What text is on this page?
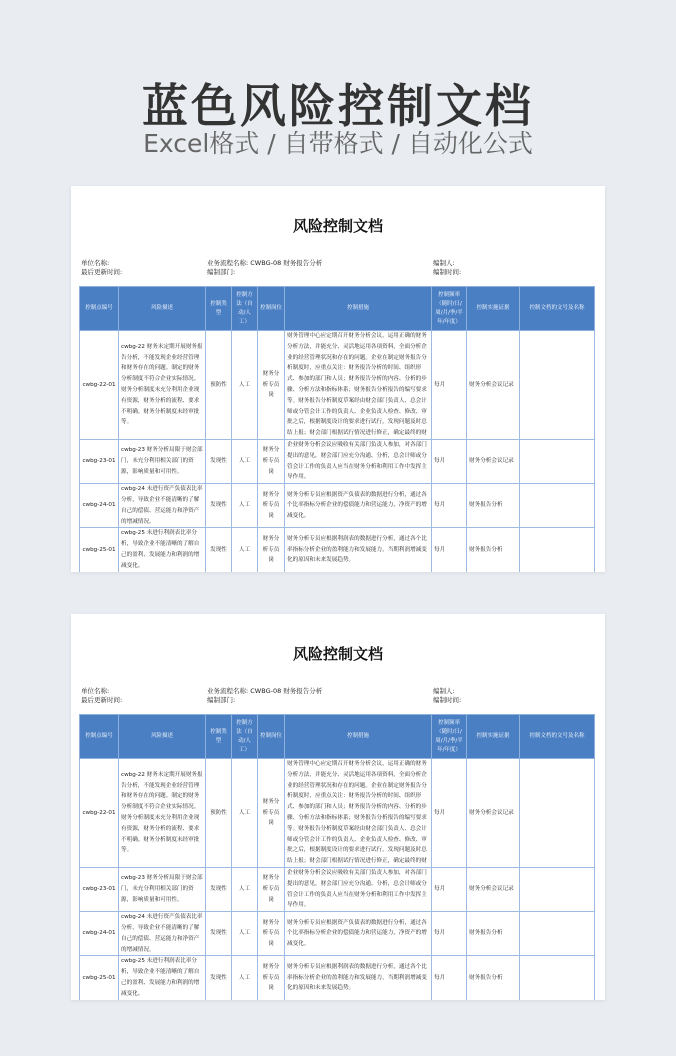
蓝色风险控制文档
Excel格式 / 自带格式 / 自动化公式
风险控制文档
单位名称:	业务流程名称: CWBG-08 财务报告分析	编制人:
最后更新时间:	编制部门:	编制时间:
控制点编号	风险描述	控制类型	控制方法（自动/人工）	控制岗位	控制措施	控制频率（随时/日/周/月/季/半年/年度）	控制实施证据	控制文档的文号及名称
cwbg-22-01	cwbg-22 财务未定期开展财务报告分析，不能发现企业经营管理和财务存在的问题。制定的财务分析制度不符合企业实际情况。财务分析制度未充分利用企业现有资源，财务分析的流程、要求不明确。财务分析制度未经审批等。	预防性	人工	财务分析专员岗	财务管理中心应定期召开财务分析会议，运用正确的财务分析方法，并能充分、灵活地运用各项资料，全面分析企业的经营管理状况和存在的问题。企业在制定财务报告分析制度时，应重点关注：财务报告分析的时间、组织形式、参加的部门和人员；财务报告分析的内容、分析的步骤、分析方法和指标体系；财务报告分析报告的编写要求等。财务报告分析制度草案经由财会部门负责人、总会计师或分管会计工作的负责人、企业负责人检查、修改、审批之后，根据制度设计的要求进行试行，发现问题及时总结上报；财会部门根据试行情况进行修正，确定最终的财	每月	财务分析会议记录	
cwbg-23-01	cwbg-23 财务分析局限于财会部门，未充分利用相关部门的资源，影响质量和可用性。	发现性	人工	财务分析专员岗	企业财务分析会议应吸收有关部门负责人参加，对各部门提出的意见，财会部门应充分沟通、分析，总会计师或分管会计工作的负责人应当在财务分析和利用工作中发挥主导作用。	每月	财务分析会议记录	
cwbg-24-01	cwbg-24 未进行资产负债表比率分析，导致企业不能清晰的了解自己的偿债、营运能力和净资产的增减情况。	发现性	人工	财务分析专员岗	财务分析专员应根据资产负债表的数据进行分析，通过各个比率指标分析企业的偿债能力和营运能力，净资产的增减变化。	每月	财务报告分析	
cwbg-25-01	cwbg-25 未进行利润表比率分析，导致企业不能清晰的了解自己的盈利、发展能力和利润的增减变化。	发现性	人工	财务分析专员岗	财务分析专员应根据利润表的数据进行分析，通过各个比率指标分析企业的盈利能力和发展能力，当期利润增减变化的原因和未来发展趋势。	每月	财务报告分析	
风险控制文档
单位名称:	业务流程名称: CWBG-08 财务报告分析	编制人:
最后更新时间:	编制部门:	编制时间:
控制点编号	风险描述	控制类型	控制方法（自动/人工）	控制岗位	控制措施	控制频率（随时/日/周/月/季/半年/年度）	控制实施证据	控制文档的文号及名称
cwbg-22-01	cwbg-22 财务未定期开展财务报告分析，不能发现企业经营管理和财务存在的问题。制定的财务分析制度不符合企业实际情况。财务分析制度未充分利用企业现有资源，财务分析的流程、要求不明确。财务分析制度未经审批等。	预防性	人工	财务分析专员岗	财务管理中心应定期召开财务分析会议，运用正确的财务分析方法，并能充分、灵活地运用各项资料，全面分析企业的经营管理状况和存在的问题。企业在制定财务报告分析制度时，应重点关注：财务报告分析的时间、组织形式、参加的部门和人员；财务报告分析的内容、分析的步骤、分析方法和指标体系；财务报告分析报告的编写要求等。财务报告分析制度草案经由财会部门负责人、总会计师或分管会计工作的负责人、企业负责人检查、修改、审批之后，根据制度设计的要求进行试行，发现问题及时总结上报；财会部门根据试行情况进行修正，确定最终的财	每月	财务分析会议记录	
cwbg-23-01	cwbg-23 财务分析局限于财会部门，未充分利用相关部门的资源，影响质量和可用性。	发现性	人工	财务分析专员岗	企业财务分析会议应吸收有关部门负责人参加，对各部门提出的意见，财会部门应充分沟通、分析，总会计师或分管会计工作的负责人应当在财务分析和利用工作中发挥主导作用。	每月	财务分析会议记录	
cwbg-24-01	cwbg-24 未进行资产负债表比率分析，导致企业不能清晰的了解自己的偿债、营运能力和净资产的增减情况。	发现性	人工	财务分析专员岗	财务分析专员应根据资产负债表的数据进行分析，通过各个比率指标分析企业的偿债能力和营运能力，净资产的增减变化。	每月	财务报告分析	
cwbg-25-01	cwbg-25 未进行利润表比率分析，导致企业不能清晰的了解自己的盈利、发展能力和利润的增减变化。	发现性	人工	财务分析专员岗	财务分析专员应根据利润表的数据进行分析，通过各个比率指标分析企业的盈利能力和发展能力，当期利润增减变化的原因和未来发展趋势。	每月	财务报告分析	
